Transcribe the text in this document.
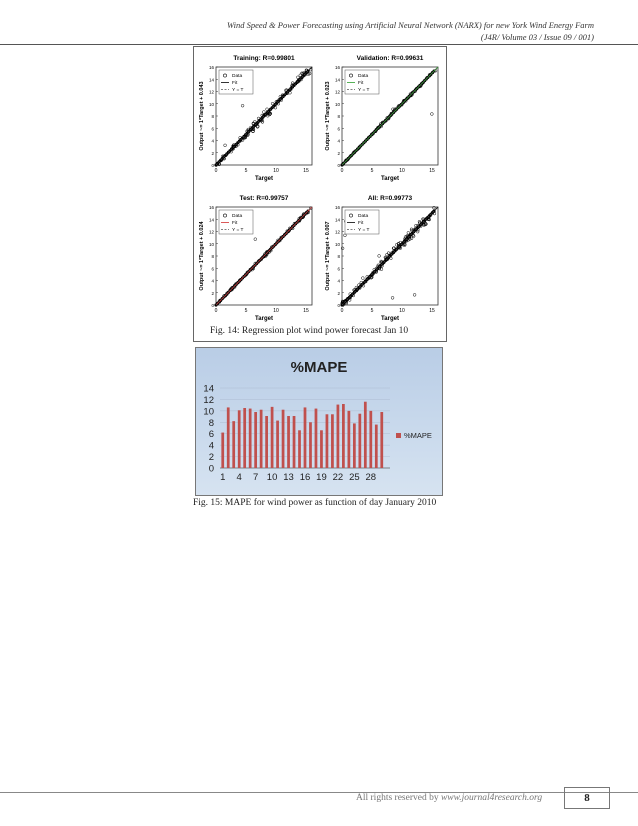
Wind Speed & Power Forecasting using Artificial Neural Network (NARX) for new York Wind Energy Farm
(J4R/ Volume 03 / Issue 09 / 001)
Training: R=0.99801
0
2
4
6
8
10
12
14
16
0	5	10	15
Target
Output ~= 1*Target + 0.043
Data
Fit
Y = T
Validation: R=0.99631
0
2
4
6
8
10
12
14
16
0	5	10	15
Target
Output ~= 1*Target + 0.023
Data
Fit
Y = T
Test: R=0.99757
0
2
4
6
8
10
12
14
16
0	5	10	15
Target
Output ~= 1*Target + 0.024
Data
Fit
Y = T
All: R=0.99773
0
2
4
6
8
10
12
14
16
0	5	10	15
Target
Output ~= 1*Target + 0.007
Data
Fit
Y = T
Fig. 14: Regression plot wind power forecast Jan 10
%MAPE
0
2
4
6
8
10
12
14
1 4 7 10 13 16 19 22 25 28
%MAPE
Fig. 15: MAPE for wind power as function of day January 2010
All rights reserved by www.journal4research.org	8
